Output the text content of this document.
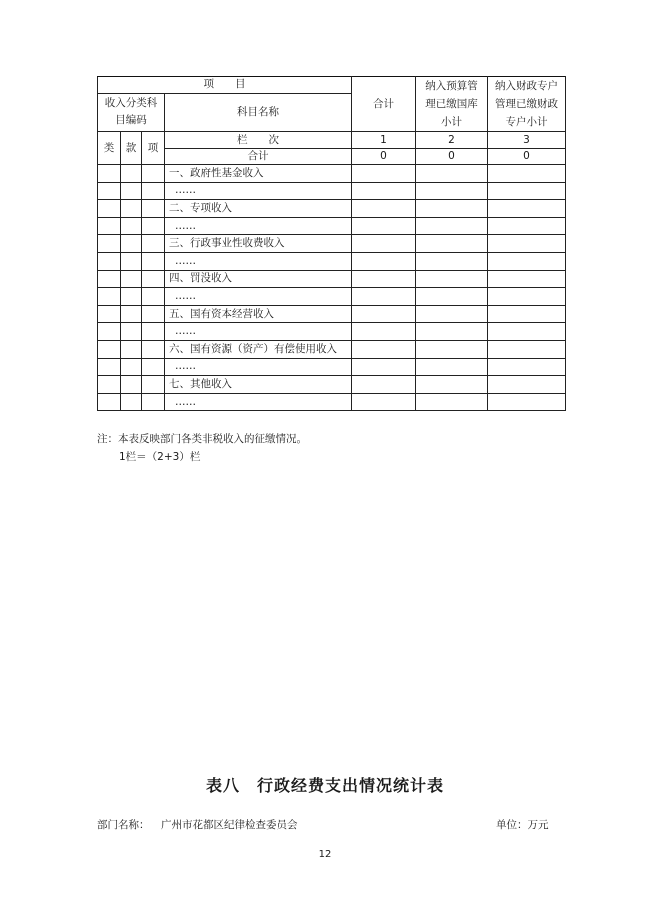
项　　目				合计	纳入预算管理已缴国库小计	纳入财政专户管理已缴财政专户小计
收入分类科目编码			科目名称			
类	款	项	栏　　次	1	2	3
			合计	0	0	0
			一、政府性基金收入			
			……			
			二、专项收入			
			……			
			三、行政事业性收费收入			
			……			
			四、罚没收入			
			……			
			五、国有资本经营收入			
			……			
			六、国有资源（资产）有偿使用收入			
			……			
			七、其他收入			
			……			
注：本表反映部门各类非税收入的征缴情况。
1栏＝（2+3）栏
表八　行政经费支出情况统计表
部门名称： 广州市花都区纪律检查委员会	单位：万元
12
